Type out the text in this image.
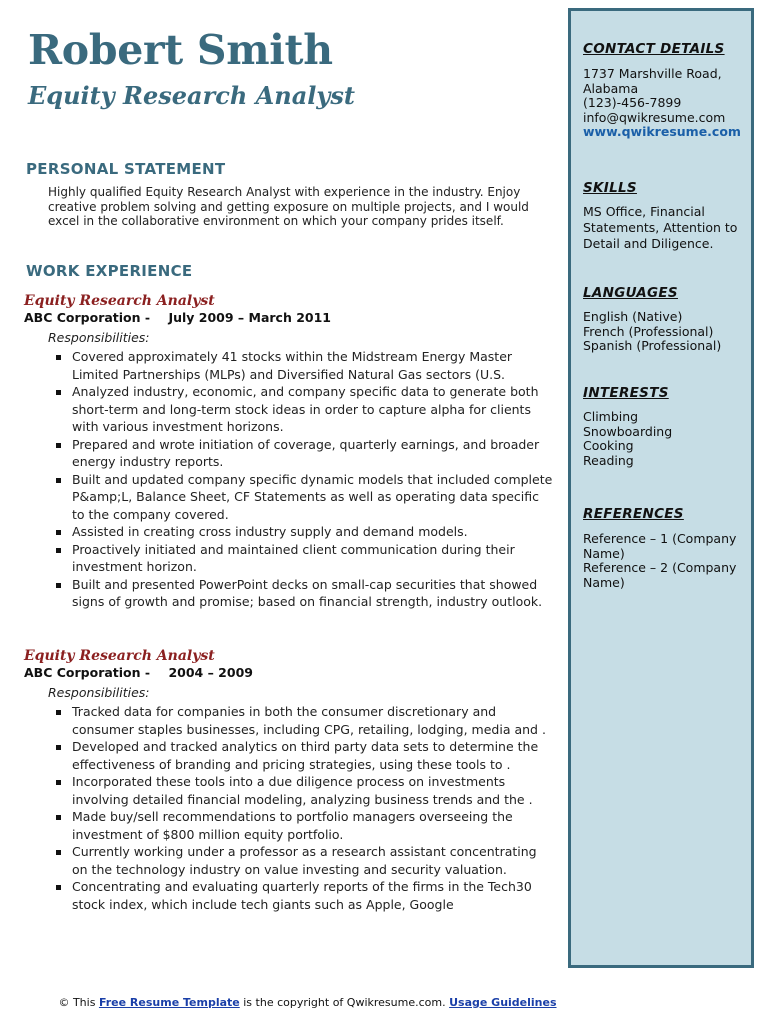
Robert Smith
Equity Research Analyst
PERSONAL STATEMENT

Highly qualified Equity Research Analyst with experience in the industry. Enjoy creative problem solving and getting exposure on multiple projects, and I would excel in the collaborative environment on which your company prides itself.

WORK EXPERIENCE

Equity Research Analyst

ABC Corporation - July 2009 – March 2011

Responsibilities:

Covered approximately 41 stocks within the Midstream Energy Master Limited Partnerships (MLPs) and Diversified Natural Gas sectors (U.S.
Analyzed industry, economic, and company specific data to generate both short-term and long-term stock ideas in order to capture alpha for clients with various investment horizons.
Prepared and wrote initiation of coverage, quarterly earnings, and broader energy industry reports.
Built and updated company specific dynamic models that included complete P&amp;L, Balance Sheet, CF Statements as well as operating data specific to the company covered.
Assisted in creating cross industry supply and demand models.
Proactively initiated and maintained client communication during their investment horizon.
Built and presented PowerPoint decks on small-cap securities that showed signs of growth and promise; based on financial strength, industry outlook.

Equity Research Analyst

ABC Corporation - 2004 – 2009

Responsibilities:

Tracked data for companies in both the consumer discretionary and consumer staples businesses, including CPG, retailing, lodging, media and .
Developed and tracked analytics on third party data sets to determine the effectiveness of branding and pricing strategies, using these tools to .
Incorporated these tools into a due diligence process on investments involving detailed financial modeling, analyzing business trends and the .
Made buy/sell recommendations to portfolio managers overseeing the investment of $800 million equity portfolio.
Currently working under a professor as a research assistant concentrating on the technology industry on value investing and security valuation.
Concentrating and evaluating quarterly reports of the firms in the Tech30 stock index, which include tech giants such as Apple, Google
CONTACT DETAILS
1737 Marshville Road,
Alabama
(123)-456-7899
info@qwikresume.com
www.qwikresume.com
SKILLS

MS Office, Financial Statements, Attention to Detail and Diligence.

LANGUAGES
English (Native)
French (Professional)
Spanish (Professional)
INTERESTS
Climbing
Snowboarding
Cooking
Reading
REFERENCES
Reference – 1 (Company Name)
Reference – 2 (Company Name)
© This Free Resume Template is the copyright of Qwikresume.com. Usage Guidelines
